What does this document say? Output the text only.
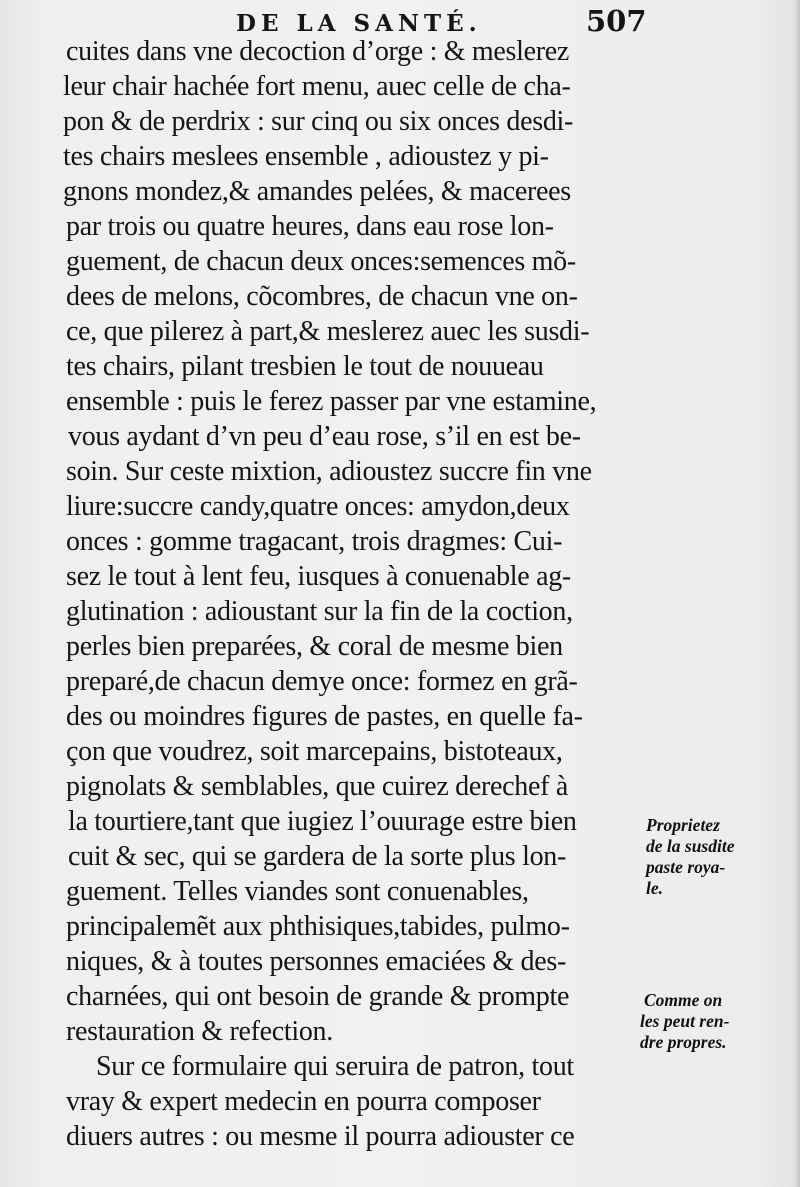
DE LA SANTÉ.	507
cuites dans vne decoction d’orge : & meslerez
leur chair hachée fort menu, auec celle de cha-
pon & de perdrix : sur cinq ou six onces desdi-
tes chairs meslees ensemble , adioustez y pi-
gnons mondez,& amandes pelées, & macerees
par trois ou quatre heures, dans eau rose lon-
guement, de chacun deux onces:semences mõ-
dees de melons, cõcombres, de chacun vne on-
ce, que pilerez à part,& meslerez auec les susdi-
tes chairs, pilant tresbien le tout de nouueau
ensemble : puis le ferez passer par vne estamine,
vous aydant d’vn peu d’eau rose, s’il en est be-
soin. Sur ceste mixtion, adioustez succre fin vne
liure:succre candy,quatre onces: amydon,deux
onces : gomme tragacant, trois dragmes: Cui-
sez le tout à lent feu, iusques à conuenable ag-
glutination : adioustant sur la fin de la coction,
perles bien preparées, & coral de mesme bien
preparé,de chacun demye once: formez en grã-
des ou moindres figures de pastes, en quelle fa-
çon que voudrez, soit marcepains, bistoteaux,
pignolats & semblables, que cuirez derechef à
la tourtiere,tant que iugiez l’ouurage estre bien
cuit & sec, qui se gardera de la sorte plus lon-
guement. Telles viandes sont conuenables,
principalemẽt aux phthisiques,tabides, pulmo-
niques, & à toutes personnes emaciées & des-
charnées, qui ont besoin de grande & prompte
restauration & refection.
Sur ce formulaire qui seruira de patron, tout
vray & expert medecin en pourra composer
diuers autres : ou mesme il pourra adiouster ce
Proprietez
de la susdite
paste roya-
le.
Comme on
les peut ren-
dre propres.
